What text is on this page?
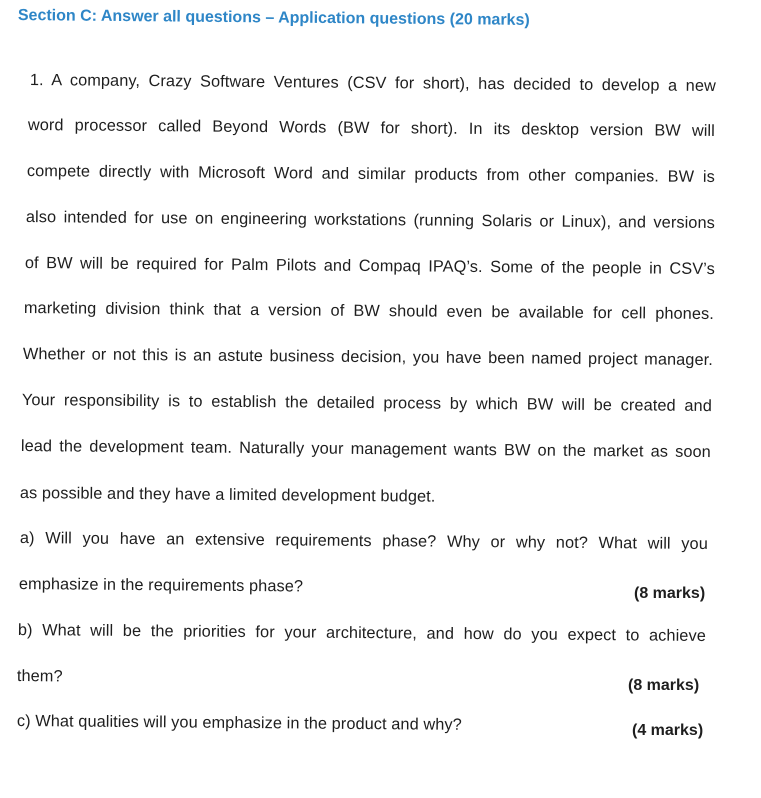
Section C: Answer all questions – Application questions (20 marks)
1. A company, Crazy Software Ventures (CSV for short), has decided to develop a new
word processor called Beyond Words (BW for short). In its desktop version BW will
compete directly with Microsoft Word and similar products from other companies. BW is
also intended for use on engineering workstations (running Solaris or Linux), and versions
of BW will be required for Palm Pilots and Compaq IPAQ’s. Some of the people in CSV’s
marketing division think that a version of BW should even be available for cell phones.
Whether or not this is an astute business decision, you have been named project manager.
Your responsibility is to establish the detailed process by which BW will be created and
lead the development team. Naturally your management wants BW on the market as soon
as possible and they have a limited development budget.
a) Will you have an extensive requirements phase? Why or why not? What will you
emphasize in the requirements phase?	(8 marks)
b) What will be the priorities for your architecture, and how do you expect to achieve
them?
(8 marks)
c) What qualities will you emphasize in the product and why?	(4 marks)
